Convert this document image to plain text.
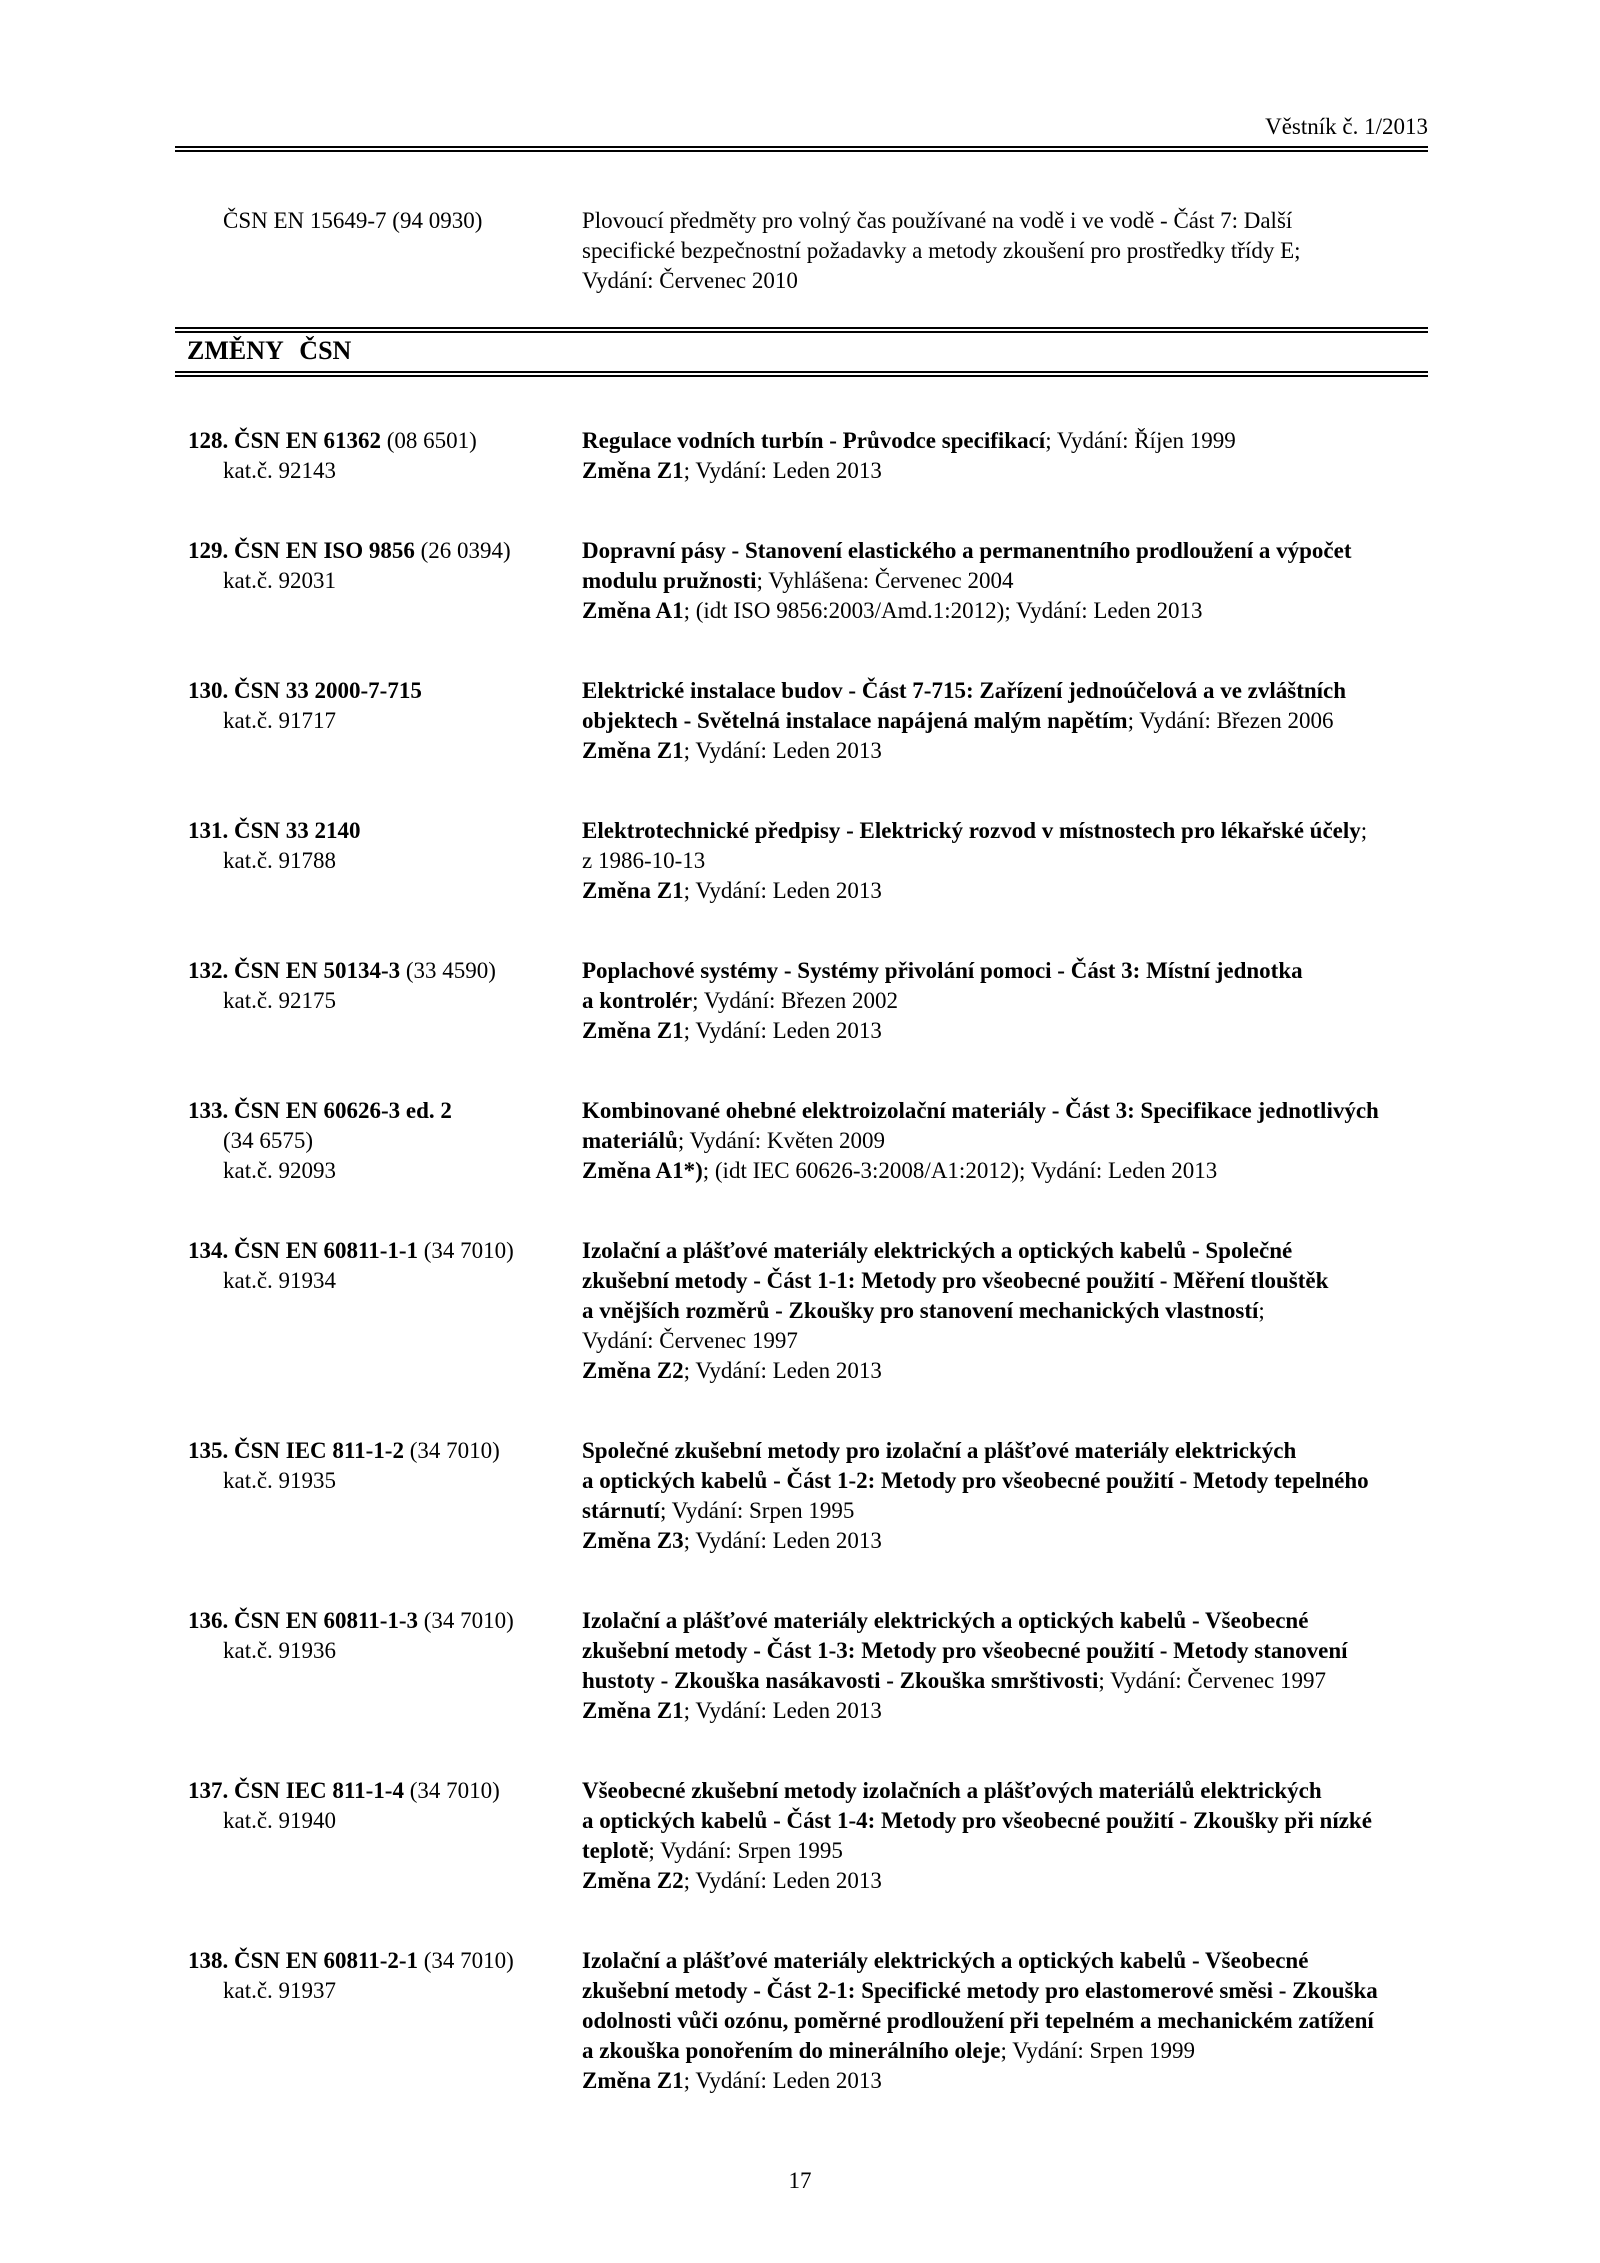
Věstník č. 1/2013
ČSN EN 15649-7 (94 0930)	Plovoucí předměty pro volný čas používané na vodě i ve vodě - Část 7: Další
specifické bezpečnostní požadavky a metody zkoušení pro prostředky třídy E;
Vydání: Červenec 2010
ZMĚNY ČSN
128. ČSN EN 61362 (08 6501)
kat.č. 92143
Regulace vodních turbín - Průvodce specifikací; Vydání: Říjen 1999
Změna Z1; Vydání: Leden 2013
129. ČSN EN ISO 9856 (26 0394)
kat.č. 92031
Dopravní pásy - Stanovení elastického a permanentního prodloužení a výpočet
modulu pružnosti; Vyhlášena: Červenec 2004
Změna A1; (idt ISO 9856:2003/Amd.1:2012); Vydání: Leden 2013
130. ČSN 33 2000-7-715
kat.č. 91717
Elektrické instalace budov - Část 7-715: Zařízení jednoúčelová a ve zvláštních
objektech - Světelná instalace napájená malým napětím; Vydání: Březen 2006
Změna Z1; Vydání: Leden 2013
131. ČSN 33 2140
kat.č. 91788
Elektrotechnické předpisy - Elektrický rozvod v místnostech pro lékařské účely;
z 1986-10-13
Změna Z1; Vydání: Leden 2013
132. ČSN EN 50134-3 (33 4590)
kat.č. 92175
Poplachové systémy - Systémy přivolání pomoci - Část 3: Místní jednotka
a kontrolér; Vydání: Březen 2002
Změna Z1; Vydání: Leden 2013
133. ČSN EN 60626-3 ed. 2
(34 6575)
kat.č. 92093
Kombinované ohebné elektroizolační materiály - Část 3: Specifikace jednotlivých
materiálů; Vydání: Květen 2009
Změna A1*); (idt IEC 60626-3:2008/A1:2012); Vydání: Leden 2013
134. ČSN EN 60811-1-1 (34 7010)
kat.č. 91934
Izolační a plášťové materiály elektrických a optických kabelů - Společné
zkušební metody - Část 1-1: Metody pro všeobecné použití - Měření tlouštěk
a vnějších rozměrů - Zkoušky pro stanovení mechanických vlastností;
Vydání: Červenec 1997
Změna Z2; Vydání: Leden 2013
135. ČSN IEC 811-1-2 (34 7010)
kat.č. 91935
Společné zkušební metody pro izolační a plášťové materiály elektrických
a optických kabelů - Část 1-2: Metody pro všeobecné použití - Metody tepelného
stárnutí; Vydání: Srpen 1995
Změna Z3; Vydání: Leden 2013
136. ČSN EN 60811-1-3 (34 7010)
kat.č. 91936
Izolační a plášťové materiály elektrických a optických kabelů - Všeobecné
zkušební metody - Část 1-3: Metody pro všeobecné použití - Metody stanovení
hustoty - Zkouška nasákavosti - Zkouška smrštivosti; Vydání: Červenec 1997
Změna Z1; Vydání: Leden 2013
137. ČSN IEC 811-1-4 (34 7010)
kat.č. 91940
Všeobecné zkušební metody izolačních a plášťových materiálů elektrických
a optických kabelů - Část 1-4: Metody pro všeobecné použití - Zkoušky při nízké
teplotě; Vydání: Srpen 1995
Změna Z2; Vydání: Leden 2013
138. ČSN EN 60811-2-1 (34 7010)
kat.č. 91937
Izolační a plášťové materiály elektrických a optických kabelů - Všeobecné
zkušební metody - Část 2-1: Specifické metody pro elastomerové směsi - Zkouška
odolnosti vůči ozónu, poměrné prodloužení při tepelném a mechanickém zatížení
a zkouška ponořením do minerálního oleje; Vydání: Srpen 1999
Změna Z1; Vydání: Leden 2013
17
